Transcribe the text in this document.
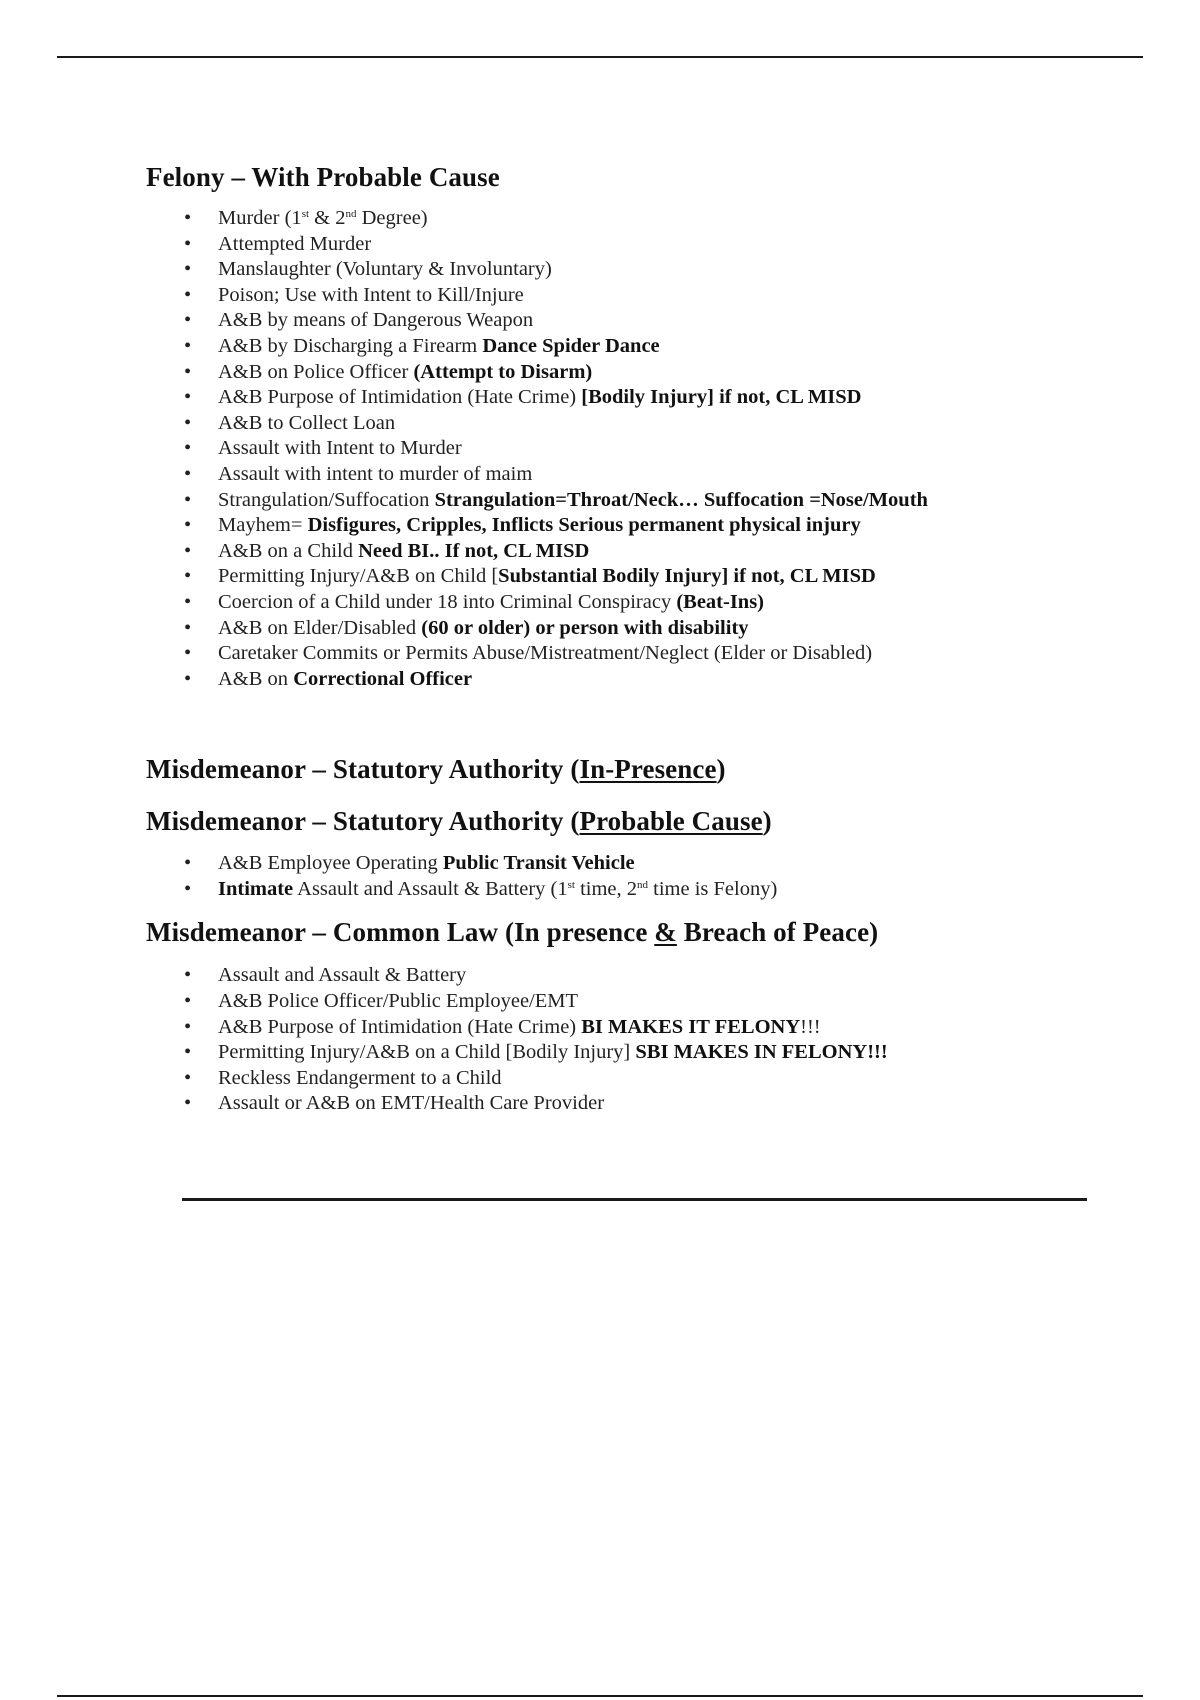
Felony – With Probable Cause
• Murder (1st & 2nd Degree)
• Attempted Murder
• Manslaughter (Voluntary & Involuntary)
• Poison; Use with Intent to Kill/Injure
• A&B by means of Dangerous Weapon
• A&B by Discharging a Firearm Dance Spider Dance
• A&B on Police Officer (Attempt to Disarm)
• A&B Purpose of Intimidation (Hate Crime) [Bodily Injury] if not, CL MISD
• A&B to Collect Loan
• Assault with Intent to Murder
• Assault with intent to murder of maim
• Strangulation/Suffocation Strangulation=Throat/Neck… Suffocation =Nose/Mouth
• Mayhem= Disfigures, Cripples, Inflicts Serious permanent physical injury
• A&B on a Child Need BI.. If not, CL MISD
• Permitting Injury/A&B on Child [Substantial Bodily Injury] if not, CL MISD
• Coercion of a Child under 18 into Criminal Conspiracy (Beat-Ins)
• A&B on Elder/Disabled (60 or older) or person with disability
• Caretaker Commits or Permits Abuse/Mistreatment/Neglect (Elder or Disabled)
• A&B on Correctional Officer
Misdemeanor – Statutory Authority (In-Presence)
Misdemeanor – Statutory Authority (Probable Cause)
• A&B Employee Operating Public Transit Vehicle
• Intimate Assault and Assault & Battery (1st time, 2nd time is Felony)
Misdemeanor – Common Law (In presence & Breach of Peace)
• Assault and Assault & Battery
• A&B Police Officer/Public Employee/EMT
• A&B Purpose of Intimidation (Hate Crime) BI MAKES IT FELONY!!!
• Permitting Injury/A&B on a Child [Bodily Injury] SBI MAKES IN FELONY!!!
• Reckless Endangerment to a Child
• Assault or A&B on EMT/Health Care Provider
